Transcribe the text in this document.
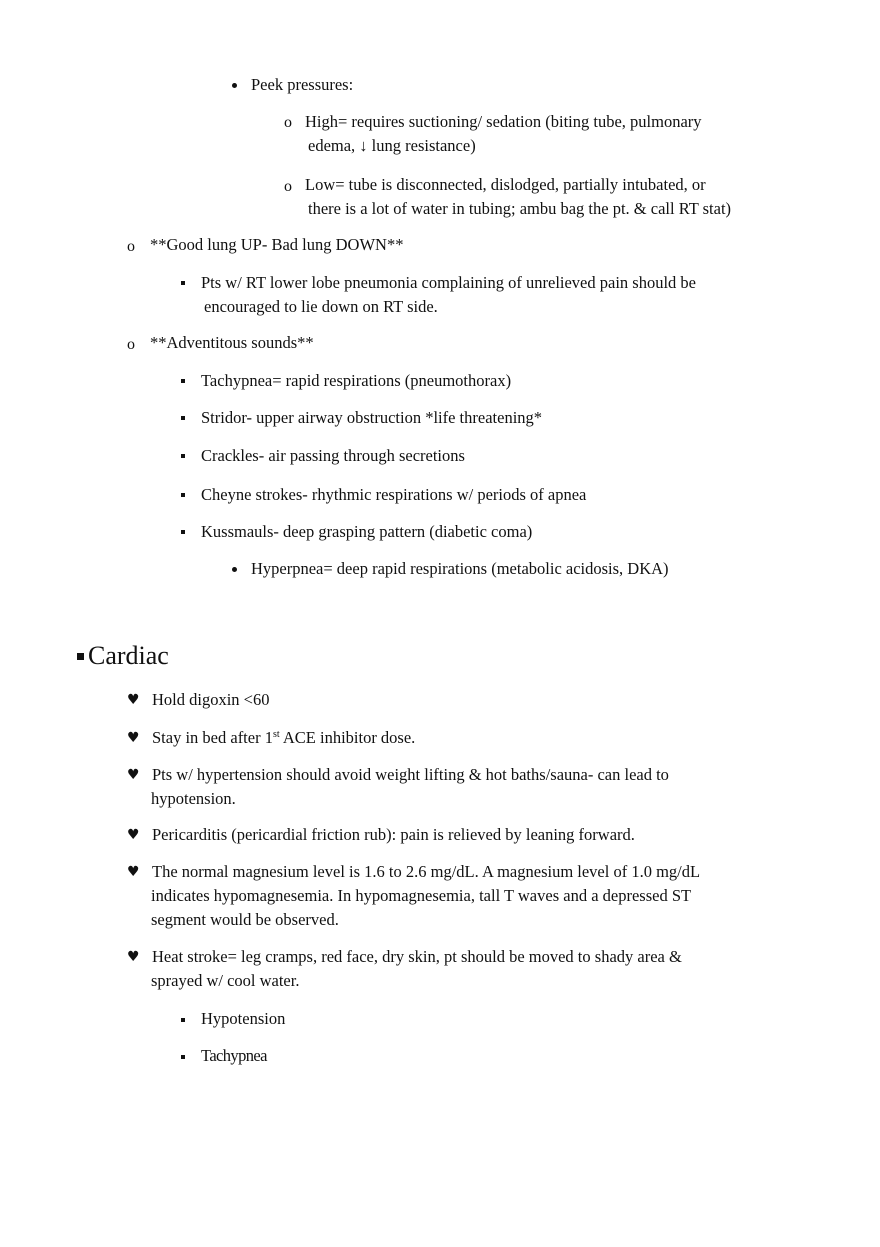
Peek pressures:
o High= requires suctioning/ sedation (biting tube, pulmonary
edema, ↓ lung resistance)
o Low= tube is disconnected, dislodged, partially intubated, or
there is a lot of water in tubing; ambu bag the pt. & call RT stat)
o **Good lung UP- Bad lung DOWN**
Pts w/ RT lower lobe pneumonia complaining of unrelieved pain should be
encouraged to lie down on RT side.
o **Adventitous sounds**
Tachypnea= rapid respirations (pneumothorax)
Stridor- upper airway obstruction *life threatening*
Crackles- air passing through secretions
Cheyne strokes- rhythmic respirations w/ periods of apnea
Kussmauls- deep grasping pattern (diabetic coma)
Hyperpnea= deep rapid respirations (metabolic acidosis, DKA)
Cardiac
♥ Hold digoxin <60
♥ Stay in bed after 1st ACE inhibitor dose.
♥ Pts w/ hypertension should avoid weight lifting & hot baths/sauna- can lead to
hypotension.
♥ Pericarditis (pericardial friction rub): pain is relieved by leaning forward.
♥ The normal magnesium level is 1.6 to 2.6 mg/dL. A magnesium level of 1.0 mg/dL
indicates hypomagnesemia. In hypomagnesemia, tall T waves and a depressed ST
segment would be observed.
♥ Heat stroke= leg cramps, red face, dry skin, pt should be moved to shady area &
sprayed w/ cool water.
Hypotension
Tachypnea
